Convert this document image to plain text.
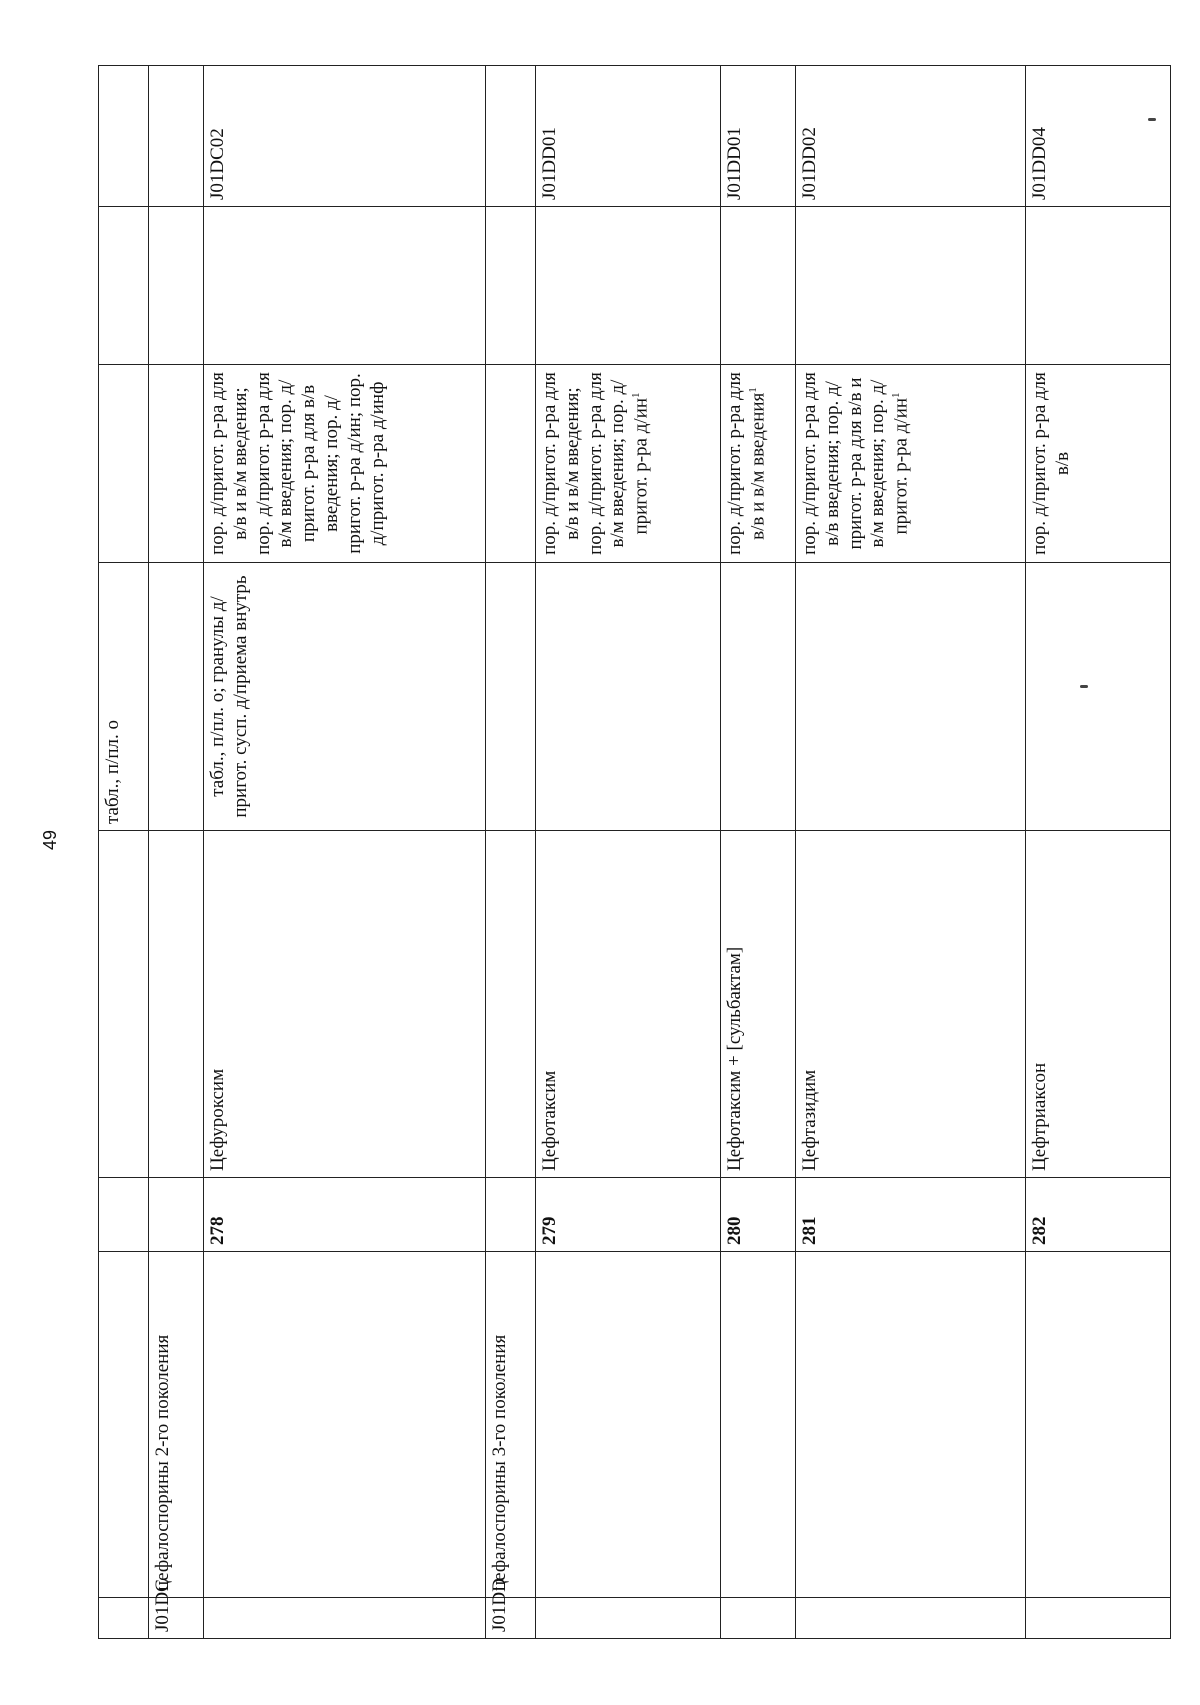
49
				табл., п/пл. о			
J01DC	цефалоспорины 2-го поколения						
		278	Цефуроксим	табл., п/пл. о; гранулы д/пригот. сусп. д/приема внутрь	пор. д/пригот. р-ра для в/в и в/м введения; пор. д/пригот. р-ра для в/м введения; пор. д/пригот. р-ра для в/в введения; пор. д/пригот. р-ра д/ин; пор. д/пригот. р-ра д/инф		J01DC02
J01DD	цефалоспорины 3-го поколения						
		279	Цефотаксим		пор. д/пригот. р-ра для в/в и в/м введения; пор. д/пригот. р-ра для в/м введения; пор. д/пригот. р-ра $д/ин^1$		J01DD01
		280	Цефотаксим + [сульбактам]		пор. д/пригот. р-ра для в/в и в/м введения$^1$		J01DD01
		281	Цефтазидим		пор. д/пригот. р-ра для в/в введения; пор. д/пригот. р-ра для в/в и в/м введения; пор. д/пригот. р-ра $д/ин^1$		J01DD02
		282	Цефтриаксон		пор. д/пригот. р-ра для в/в		J01DD04
